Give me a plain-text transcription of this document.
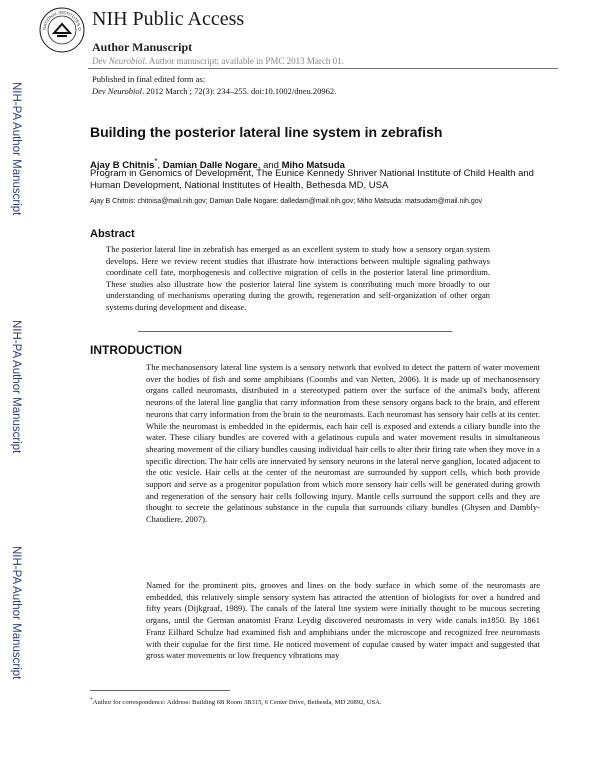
NATIONAL INSTITUTES O NIH Public Access
Author Manuscript
Dev Neurobiol. Author manuscript; available in PMC 2013 March 01.
Published in final edited form as:
Dev Neurobiol. 2012 March ; 72(3): 234–255. doi:10.1002/dneu.20962.
NIH-PA Author Manuscript
NIH-PA Author Manuscript
NIH-PA Author Manuscript
Building the posterior lateral line system in zebrafish
Ajay B Chitnis*, Damian Dalle Nogare, and Miho Matsuda
Program in Genomics of Development, The Eunice Kennedy Shriver National Institute of Child Health and Human Development, National Institutes of Health, Bethesda MD, USA
Ajay B Chitnis: chitnisa@mail.nih.gov; Damian Dalle Nogare: dalledam@mail.nih.gov; Miho Matsuda: matsudam@mail.nih.gov
Abstract
The posterior lateral line in zebrafish has emerged as an excellent system to study how a sensory organ system develops. Here we review recent studies that illustrate how interactions between multiple signaling pathways coordinate cell fate, morphogenesis and collective migration of cells in the posterior lateral line primordium. These studies also illustrate how the posterior lateral line system is contributing much more broadly to our understanding of mechanisms operating during the growth, regeneration and self-organization of other organ systems during development and disease.
INTRODUCTION
The mechanosensory lateral line system is a sensory network that evolved to detect the pattern of water movement over the bodies of fish and some amphibians (Coombs and van Netten, 2006). It is made up of mechanosensory organs called neuromasts, distributed in a stereotyped pattern over the surface of the animal's body, afferent neurons of the lateral line ganglia that carry information from these sensory organs back to the brain, and efferent neurons that carry information from the brain to the neuromasts. Each neuromast has sensory hair cells at its center. While the neuromast is embedded in the epidermis, each hair cell is exposed and extends a ciliary bundle into the water. These ciliary bundles are covered with a gelatinous cupula and water movement results in simultaneous shearing movement of the ciliary bundles causing individual hair cells to alter their firing rate when they move in a specific direction. The hair cells are innervated by sensory neurons in the lateral nerve ganglion, located adjacent to the otic vesicle. Hair cells at the center of the neuromast are surrounded by support cells, which both provide support and serve as a progenitor population from which more sensory hair cells will be generated during growth and regeneration of the sensory hair cells following injury. Mantle cells surround the support cells and they are thought to secrete the gelatinous substance in the cupula that surrounds ciliary bundles (Ghysen and Dambly-Chaudiere, 2007).
Named for the prominent pits, grooves and lines on the body surface in which some of the neuromasts are embedded, this relatively simple sensory system has attracted the attention of biologists for over a hundred and fifty years (Dijkgraaf, 1989). The canals of the lateral line system were initially thought to be mucous secreting organs, until the German anatomist Franz Leydig discovered neuromasts in very wide canals in1850. By 1861 Franz Eilhard Schulze had examined fish and amphibians under the microscope and recognized free neuromasts with their cupulae for the first time. He noticed movement of cupulae caused by water impact and suggested that gross water movements or low frequency vibrations may
*Author for correspondence: Address: Building 6B Room 3B315, 6 Center Drive, Bethesda, MD 20892, USA.
